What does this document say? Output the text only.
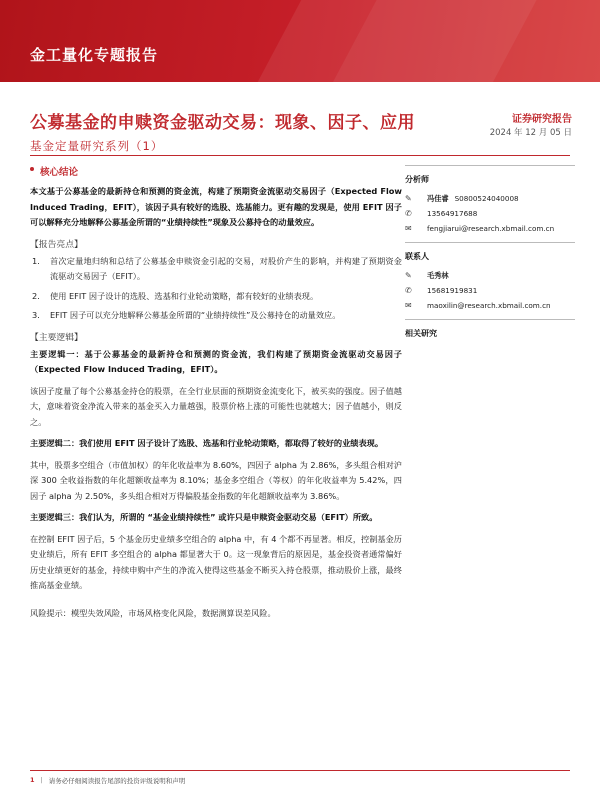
金工量化专题报告
公募基金的申赎资金驱动交易：现象、因子、应用
基金定量研究系列（1）
证券研究报告
2024 年 12 月 05 日
核心结论
本文基于公募基金的最新持仓和预测的资金流，构建了预期资金流驱动交易因子（Expected Flow Induced Trading，EFIT），该因子具有较好的选股、选基能力。更有趣的发现是，使用 EFIT 因子可以解释充分地解释公募基金所谓的“业绩持续性”现象及公募持仓的动量效应。
【报告亮点】
1.	首次定量地归纳和总结了公募基金申赎资金引起的交易，对股价产生的影响，并构建了预期资金流驱动交易因子（EFIT）。
2.	使用 EFIT 因子设计的选股、选基和行业轮动策略，都有较好的业绩表现。
3.	EFIT 因子可以充分地解释公募基金所谓的“业绩持续性”及公募持仓的动量效应。
【主要逻辑】
主要逻辑一：基于公募基金的最新持仓和预测的资金流，我们构建了预期资金流驱动交易因子（Expected Flow Induced Trading，EFIT）。
该因子度量了每个公募基金持仓的股票，在全行业层面的预期资金流变化下，被买卖的强度。因子值越大，意味着资金净流入带来的基金买入力量越强，股票价格上涨的可能性也就越大；因子值越小，则反之。
主要逻辑二：我们使用 EFIT 因子设计了选股、选基和行业轮动策略，都取得了较好的业绩表现。
其中，股票多空组合（市值加权）的年化收益率为 8.60%，四因子 alpha 为 2.86%，多头组合相对沪深 300 全收益指数的年化超额收益率为 8.10%；基金多空组合（等权）的年化收益率为 5.42%，四因子 alpha 为 2.50%，多头组合相对万得偏股基金指数的年化超额收益率为 3.86%。
主要逻辑三：我们认为，所谓的 “基金业绩持续性” 或许只是申赎资金驱动交易（EFIT）所致。
在控制 EFIT 因子后，5 个基金历史业绩多空组合的 alpha 中，有 4 个都不再显著。相反，控制基金历史业绩后，所有 EFIT 多空组合的 alpha 都显著大于 0。这一现象背后的原因是，基金投资者通常偏好历史业绩更好的基金，持续申购中产生的净流入使得这些基金不断买入持仓股票，推动股价上涨，最终推高基金业绩。
风险提示：模型失效风险，市场风格变化风险，数据测算误差风险。
分析师
✎	冯佳睿 S0800524040008
✆	13564917688
✉	fengjiarui@research.xbmail.com.cn
联系人
✎	毛秀林
✆	15681919831
✉	maoxilin@research.xbmail.com.cn
相关研究
1 | 请务必仔细阅读报告尾部的投资评级说明和声明
